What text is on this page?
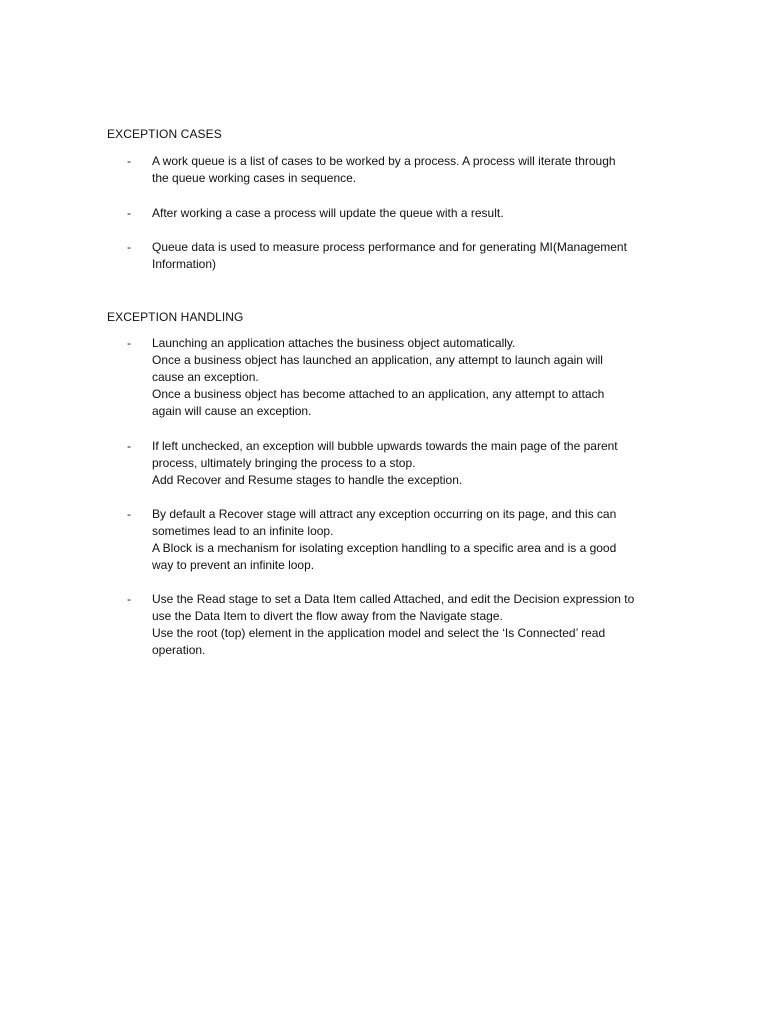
EXCEPTION CASES
- A work queue is a list of cases to be worked by a process. A process will iterate through
the queue working cases in sequence.
- After working a case a process will update the queue with a result.
- Queue data is used to measure process performance and for generating MI(Management
Information)
EXCEPTION HANDLING
- Launching an application attaches the business object automatically.
Once a business object has launched an application, any attempt to launch again will
cause an exception.
Once a business object has become attached to an application, any attempt to attach
again will cause an exception.
- If left unchecked, an exception will bubble upwards towards the main page of the parent
process, ultimately bringing the process to a stop.
Add Recover and Resume stages to handle the exception.
- By default a Recover stage will attract any exception occurring on its page, and this can
sometimes lead to an infinite loop.
A Block is a mechanism for isolating exception handling to a specific area and is a good
way to prevent an infinite loop.
- Use the Read stage to set a Data Item called Attached, and edit the Decision expression to
use the Data Item to divert the flow away from the Navigate stage.
Use the root (top) element in the application model and select the ‘Is Connected’ read
operation.
